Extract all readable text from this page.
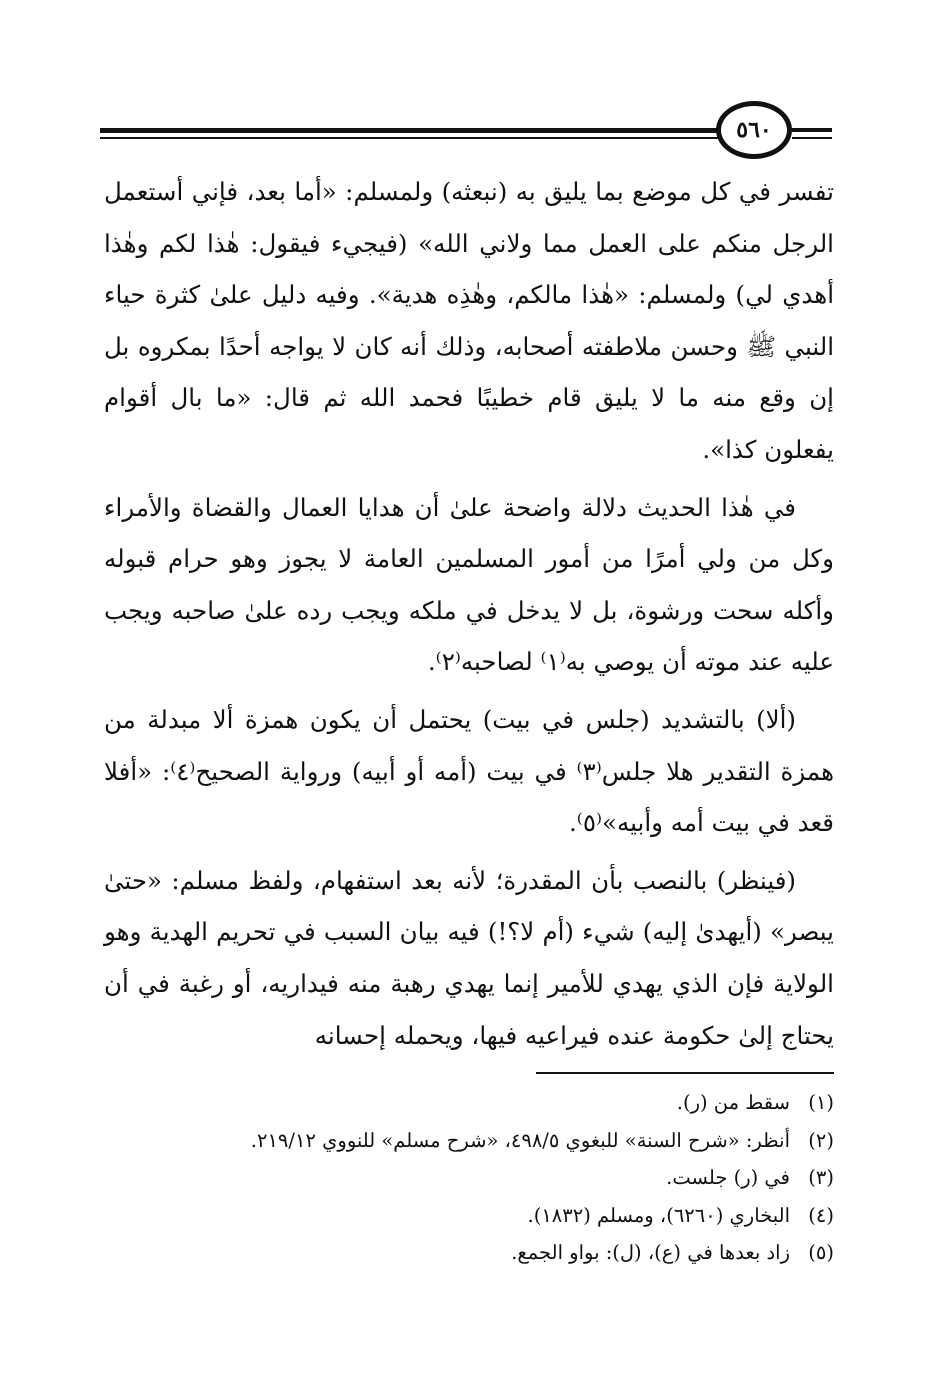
٥٦٠

تفسر في كل موضع بما يليق به (نبعثه) ولمسلم: «أما بعد، فإني أستعمل الرجل منكم على العمل مما ولاني الله» (فيجيء فيقول: هٰذا لكم وهٰذا أهدي لي) ولمسلم: «هٰذا مالكم، وهٰذِه هدية». وفيه دليل علىٰ كثرة حياء النبي ﷺ وحسن ملاطفته أصحابه، وذلك أنه كان لا يواجه أحدًا بمكروه بل إن وقع منه ما لا يليق قام خطيبًا فحمد الله ثم قال: «ما بال أقوام يفعلون كذا».

في هٰذا الحديث دلالة واضحة علىٰ أن هدايا العمال والقضاة والأمراء وكل من ولي أمرًا من أمور المسلمين العامة لا يجوز وهو حرام قبوله وأكله سحت ورشوة، بل لا يدخل في ملكه ويجب رده علىٰ صاحبه ويجب عليه عند موته أن يوصي به⁽١⁾ لصاحبه⁽٢⁾.

(ألا) بالتشديد (جلس في بيت) يحتمل أن يكون همزة ألا مبدلة من همزة التقدير هلا جلس⁽٣⁾ في بيت (أمه أو أبيه) ورواية الصحيح⁽٤⁾: «أفلا قعد في بيت أمه وأبيه»⁽٥⁾.

(فينظر) بالنصب بأن المقدرة؛ لأنه بعد استفهام، ولفظ مسلم: «حتىٰ يبصر» (أيهدىٰ إليه) شيء (أم لا؟!) فيه بيان السبب في تحريم الهدية وهو الولاية فإن الذي يهدي للأمير إنما يهدي رهبة منه فيداريه، أو رغبة في أن يحتاج إلىٰ حكومة عنده فيراعيه فيها، ويحمله إحسانه

(١)
سقط من (ر).
(٢)
أنظر: «شرح السنة» للبغوي ٤٩٨/٥، «شرح مسلم» للنووي ٢١٩/١٢.
(٣)
في (ر) جلست.
(٤)
البخاري (٦٢٦٠)، ومسلم (١٨٣٢).
(٥)
زاد بعدها في (ع)، (ل): بواو الجمع.
